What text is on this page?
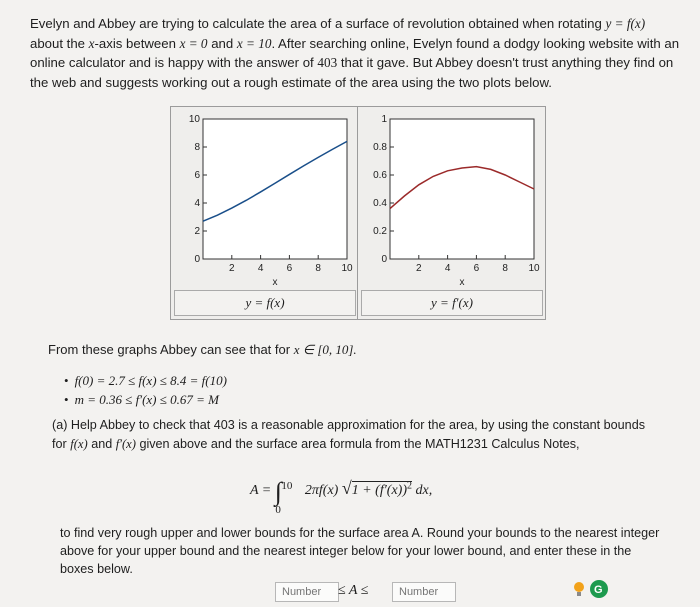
Evelyn and Abbey are trying to calculate the area of a surface of revolution obtained when rotating y = f(x) about the x-axis between x = 0 and x = 10. After searching online, Evelyn found a dodgy looking website with an online calculator and is happy with the answer of 403 that it gave. But Abbey doesn't trust anything they find on the web and suggests working out a rough estimate of the area using the two plots below.
0
2
4
6
8
10
2 4 6 8 10
x
y = f(x)
0
0.2
0.4
0.6
0.8
1
2 4 6 8 10
x
y = f′(x)
From these graphs Abbey can see that for x ∈ [0, 10].
• f(0) = 2.7 ≤ f(x) ≤ 8.4 = f(10)
• m = 0.36 ≤ f′(x) ≤ 0.67 = M
(a) Help Abbey to check that 403 is a reasonable approximation for the area, by using the constant bounds for f(x) and f′(x) given above and the surface area formula from the MATH1231 Calculus Notes,
A = ∫ 10
0
2πf(x) $√1 + (f'(x))^2$ dx,
to find very rough upper and lower bounds for the surface area A. Round your bounds to the nearest integer above for your upper bound and the nearest integer below for your lower bound, and enter these in the boxes below.
Number
≤ A ≤
Number	G
